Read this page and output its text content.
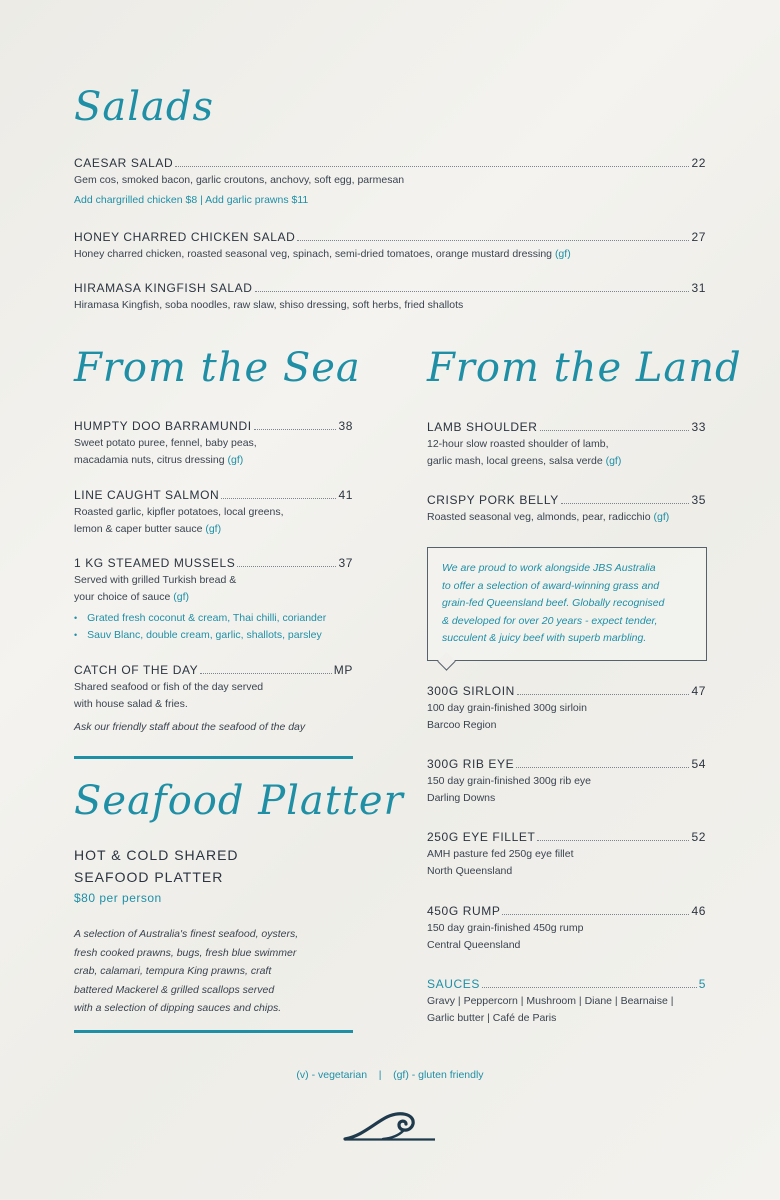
Salads
CAESAR SALAD	22
Gem cos, smoked bacon, garlic croutons, anchovy, soft egg, parmesan
Add chargrilled chicken $8 | Add garlic prawns $11
HONEY CHARRED CHICKEN SALAD	27
Honey charred chicken, roasted seasonal veg, spinach, semi-dried tomatoes, orange mustard dressing (gf)
HIRAMASA KINGFISH SALAD	31
Hiramasa Kingfish, soba noodles, raw slaw, shiso dressing, soft herbs, fried shallots
From the Sea
HUMPTY DOO BARRAMUNDI	38
Sweet potato puree, fennel, baby peas,
macadamia nuts, citrus dressing (gf)
LINE CAUGHT SALMON	41
Roasted garlic, kipfler potatoes, local greens,
lemon & caper butter sauce (gf)
1 KG STEAMED MUSSELS	37
Served with grilled Turkish bread &
your choice of sauce (gf)
• Grated fresh coconut & cream, Thai chilli, coriander
• Sauv Blanc, double cream, garlic, shallots, parsley
CATCH OF THE DAY	MP
Shared seafood or fish of the day served
with house salad & fries.
Ask our friendly staff about the seafood of the day
Seafood Platter
HOT & COLD SHARED
SEAFOOD PLATTER
$80 per person
A selection of Australia's finest seafood, oysters,
fresh cooked prawns, bugs, fresh blue swimmer
crab, calamari, tempura King prawns, craft
battered Mackerel & grilled scallops served
with a selection of dipping sauces and chips.
From the Land
LAMB SHOULDER	33
12-hour slow roasted shoulder of lamb,
garlic mash, local greens, salsa verde (gf)
CRISPY PORK BELLY	35
Roasted seasonal veg, almonds, pear, radicchio (gf)
We are proud to work alongside JBS Australia
to offer a selection of award-winning grass and
grain-fed Queensland beef. Globally recognised
& developed for over 20 years - expect tender,
succulent & juicy beef with superb marbling.
300G SIRLOIN	47
100 day grain-finished 300g sirloin
Barcoo Region
300G RIB EYE	54
150 day grain-finished 300g rib eye
Darling Downs
250G EYE FILLET	52
AMH pasture fed 250g eye fillet
North Queensland
450G RUMP	46
150 day grain-finished 450g rump
Central Queensland
SAUCES	5
Gravy | Peppercorn | Mushroom | Diane | Bearnaise |
Garlic butter | Café de Paris
(v) - vegetarian    |    (gf) - gluten friendly
